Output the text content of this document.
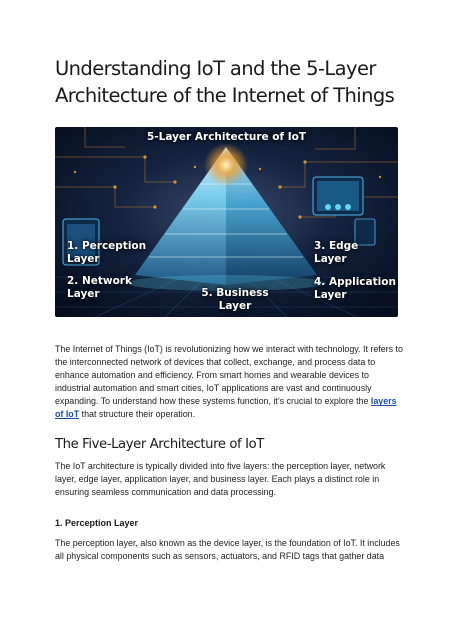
Understanding IoT and the 5-Layer
Architecture of the Internet of Things
5-Layer Architecture of IoT
1. Perception
Layer
2. Network
Layer
3. Edge
Layer
4. Application
Layer
5. Business
Layer

The Internet of Things (IoT) is revolutionizing how we interact with technology. It refers to
the interconnected network of devices that collect, exchange, and process data to
enhance automation and efficiency. From smart homes and wearable devices to
industrial automation and smart cities, IoT applications are vast and continuously
expanding. To understand how these systems function, it’s crucial to explore the layers
of IoT that structure their operation.

The Five-Layer Architecture of IoT

The IoT architecture is typically divided into five layers: the perception layer, network
layer, edge layer, application layer, and business layer. Each plays a distinct role in
ensuring seamless communication and data processing.

1. Perception Layer

The perception layer, also known as the device layer, is the foundation of IoT. It includes
all physical components such as sensors, actuators, and RFID tags that gather data
